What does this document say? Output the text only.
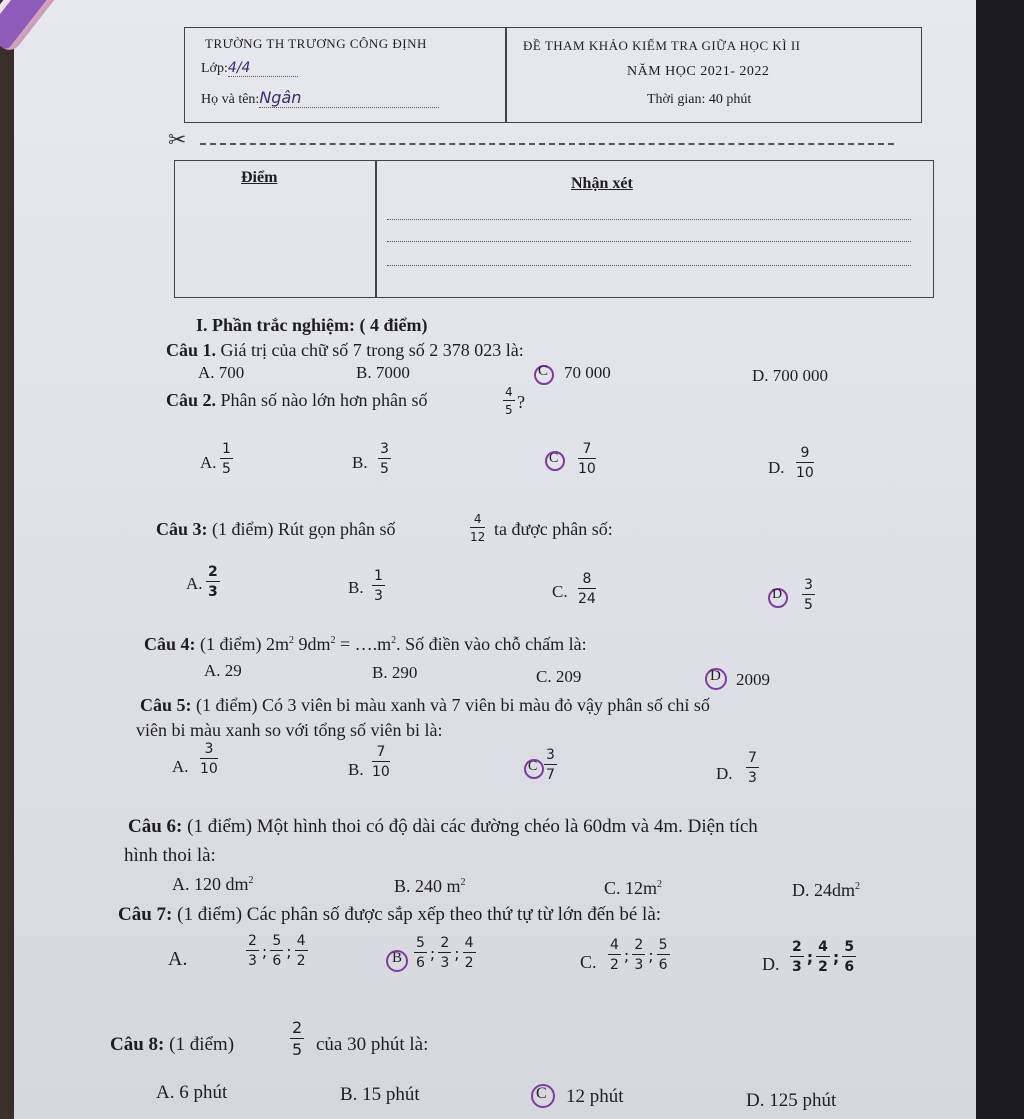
TRƯỜNG TH TRƯƠNG CÔNG ĐỊNH
Lớp:4/4
Họ và tên:Ngân
ĐỀ THAM KHẢO KIỂM TRA GIỮA HỌC KÌ II
NĂM HỌC 2021- 2022
Thời gian: 40 phút
✂
Điểm	Nhận xét
I. Phần trắc nghiệm: ( 4 điểm)
Câu 1. Giá trị của chữ số 7 trong số 2 378 023 là:
A. 700	B. 7000	C 70 000	D. 700 000
Câu 2. Phân số nào lớn hơn phân số	4
5 ?
A.
1
5	B.
3
5
C
7
10	D.
9
10
Câu 3: (1 điểm) Rút gọn phân số	4
12 ta được phân số:
A.
2
3	B.
1
3	C.
8
24	D
3
5
Câu 4: (1 điểm) $2m^2$ $9dm^2$ = $\dots.m^2$. Số điền vào chỗ chấm là:
A. 29	B. 290	C. 209	D 2009
Câu 5: (1 điểm) Có 3 viên bi màu xanh và 7 viên bi màu đỏ vậy phân số chỉ số
viên bi màu xanh so với tổng số viên bi là:
A.
3
10	B.
7
10	C
3
7	D.
7
3
Câu 6: (1 điểm) Một hình thoi có độ dài các đường chéo là 60dm và 4m. Diện tích
hình thoi là:
A. 120 $dm^2$	B. 240 $m^2$	C. $12m^2$	D. $24dm^2$
Câu 7: (1 điểm) Các phân số được sắp xếp theo thứ tự từ lớn đến bé là:
A.
2
3
;
5
6
;
4
2	B
5
6
;
2
3
;
4
2	C.
4
2
;
2
3
;
5
6	D.
2
3
;
4
2
;
5
6
Câu 8: (1 điểm)
2
5 của 30 phút là:
A. 6 phút	B. 15 phút	C 12 phút	D. 125 phút
